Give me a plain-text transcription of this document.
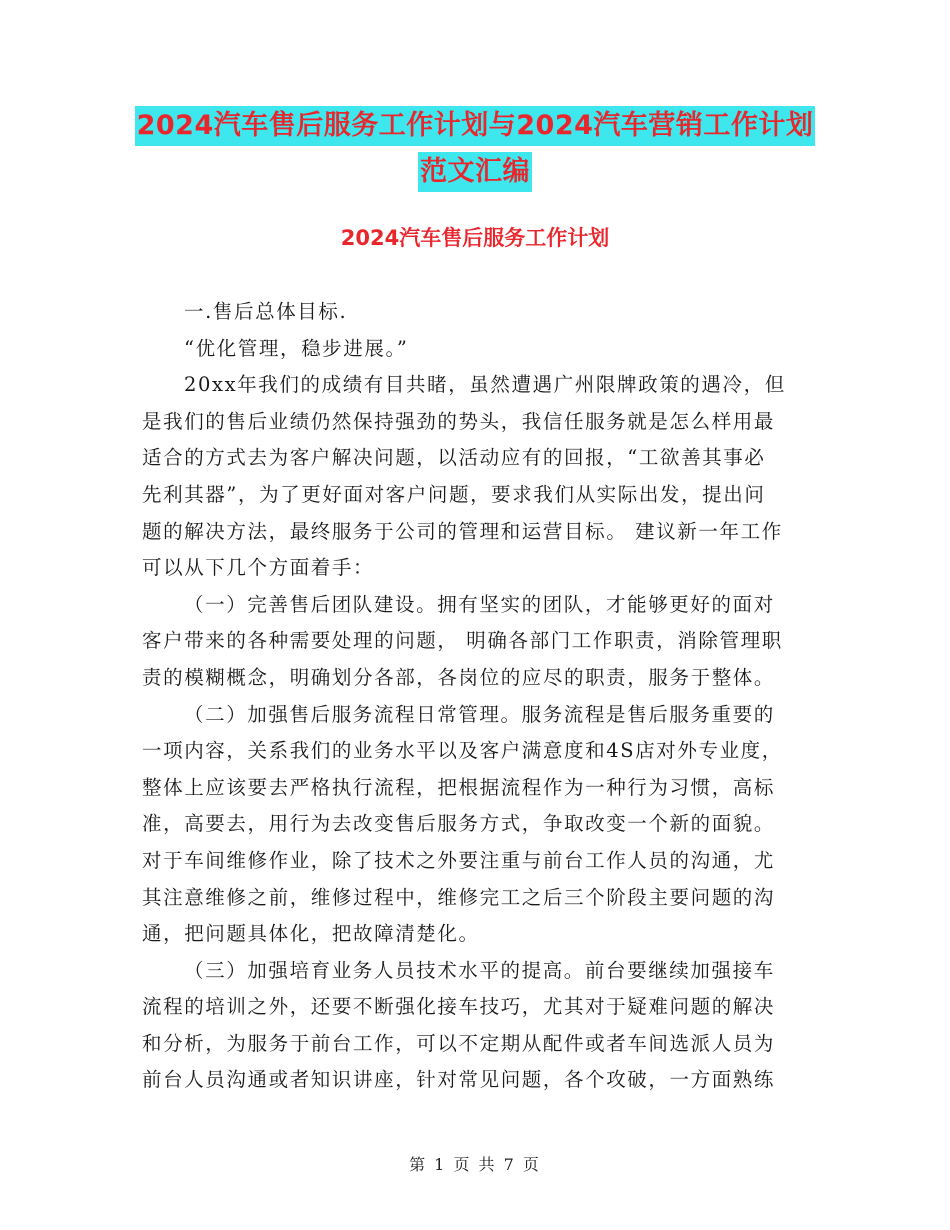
2024汽车售后服务工作计划与2024汽车营销工作计划
范文汇编
2024汽车售后服务工作计划
一.售后总体目标.
“优化管理，稳步进展。”
20xx年我们的成绩有目共睹，虽然遭遇广州限牌政策的遇冷，但
是我们的售后业绩仍然保持强劲的势头，我信任服务就是怎么样用最
适合的方式去为客户解决问题，以活动应有的回报，“工欲善其事必
先利其器”，为了更好面对客户问题，要求我们从实际出发，提出问
题的解决方法，最终服务于公司的管理和运营目标。 建议新一年工作
可以从下几个方面着手：
（一）完善售后团队建设。拥有坚实的团队，才能够更好的面对
客户带来的各种需要处理的问题， 明确各部门工作职责，消除管理职
责的模糊概念，明确划分各部，各岗位的应尽的职责，服务于整体。
（二）加强售后服务流程日常管理。服务流程是售后服务重要的
一项内容，关系我们的业务水平以及客户满意度和4S店对外专业度，
整体上应该要去严格执行流程，把根据流程作为一种行为习惯，高标
准，高要去，用行为去改变售后服务方式，争取改变一个新的面貌。
对于车间维修作业，除了技术之外要注重与前台工作人员的沟通，尤
其注意维修之前，维修过程中，维修完工之后三个阶段主要问题的沟
通，把问题具体化，把故障清楚化。
（三）加强培育业务人员技术水平的提高。前台要继续加强接车
流程的培训之外，还要不断强化接车技巧，尤其对于疑难问题的解决
和分析，为服务于前台工作，可以不定期从配件或者车间选派人员为
前台人员沟通或者知识讲座，针对常见问题，各个攻破，一方面熟练
第 1 页 共 7 页
